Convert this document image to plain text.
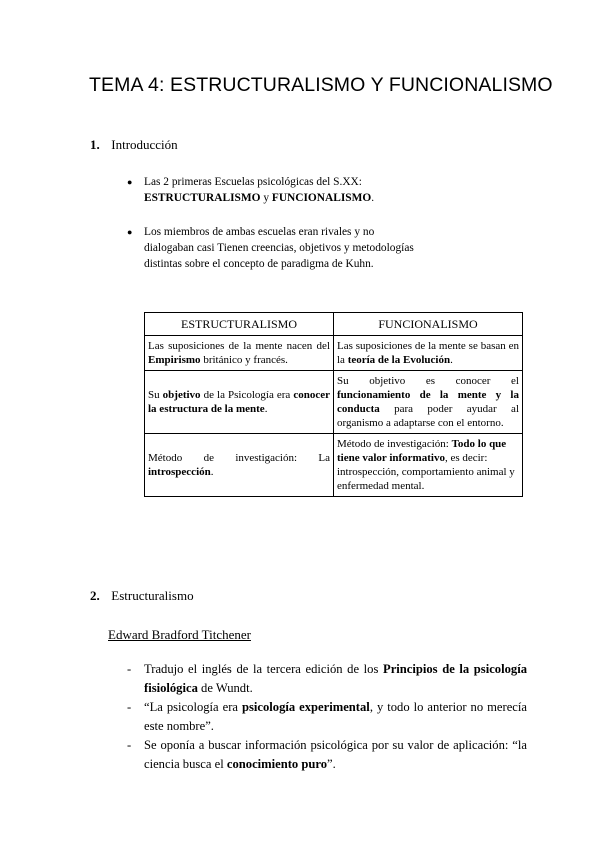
TEMA 4: ESTRUCTURALISMO Y FUNCIONALISMO
1. Introducción
● Las 2 primeras Escuelas psicológicas del S.XX:
ESTRUCTURALISMO y FUNCIONALISMO.
● Los miembros de ambas escuelas eran rivales y no dialogaban casi Tienen creencias, objetivos y metodologías distintas sobre el concepto de paradigma de Kuhn.
ESTRUCTURALISMO	FUNCIONALISMO
Las suposiciones de la mente nacen del Empirismo británico y francés.	Las suposiciones de la mente se basan en la teoría de la Evolución.
Su objetivo de la Psicología era conocer la estructura de la mente.	Su objetivo es conocer el funcionamiento de la mente y la conducta para poder ayudar al organismo a adaptarse con el entorno.
Método de investigación: La introspección.	Método de investigación: Todo lo que tiene valor informativo, es decir: introspección, comportamiento animal y enfermedad mental.
2. Estructuralismo
Edward Bradford Titchener
- Tradujo el inglés de la tercera edición de los Principios de la psicología fisiológica de Wundt.
- “La psicología era psicología experimental, y todo lo anterior no merecía este nombre”.
- Se oponía a buscar información psicológica por su valor de aplicación: “la ciencia busca el conocimiento puro”.
